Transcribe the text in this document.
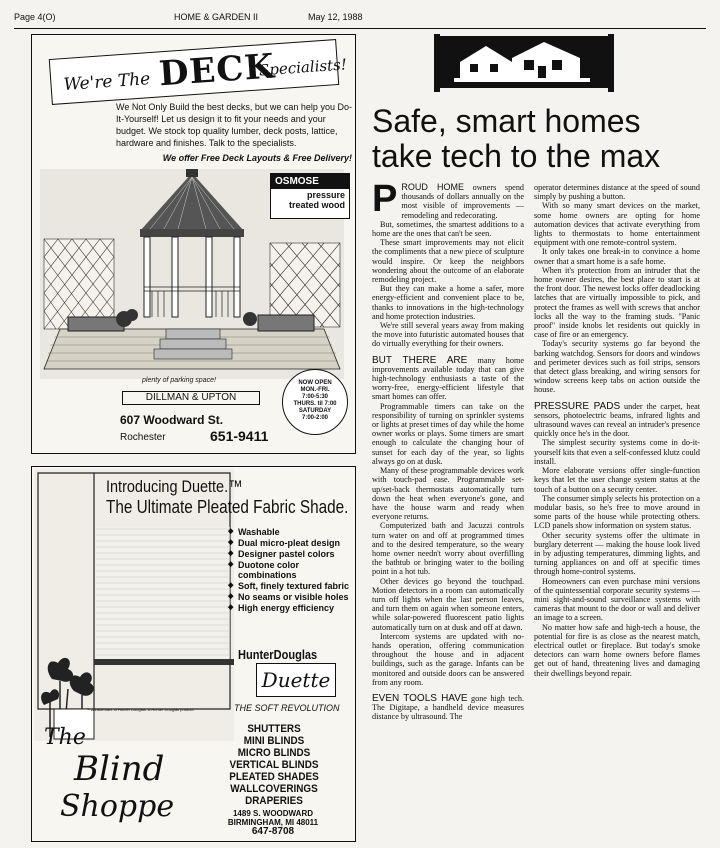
Page 4(O)	HOME & GARDEN II	May 12, 1988
We're The DECK
Specialists!
We Not Only Build the best decks, but we can help you Do-It-Yourself! Let us design it to fit your needs and your budget. We stock top quality lumber, deck posts, lattice, hardware and finishes. Talk to the specialists.
We offer Free Deck Layouts & Free Delivery!
OSMOSE
pressure treated wood
plenty of parking space!
DILLMAN & UPTON
607 Woodward St.
Rochester	651-9411
NOW OPEN
MON.-FRI.
7:00-5:30
THURS. til 7:00
SATURDAY
7:00-2:00
Introducing Duette.™
The Ultimate Pleated Fabric Shade.
◆ Washable
◆ Dual micro-pleat design
◆ Designer pastel colors
◆ Duotone color combinations
◆ Soft, finely textured fabric
◆ No seams or visible holes
◆ High energy efficiency
HunterDouglas
Duette
THE SOFT REVOLUTION
™ A trademark of Hunter Douglas. A Hunter Douglas product
The
Blind
Shoppe
SHUTTERS
MINI BLINDS
MICRO BLINDS
VERTICAL BLINDS
PLEATED SHADES
WALLCOVERINGS
DRAPERIES
1489 S. WOODWARD
BIRMINGHAM, MI 48011
647-8708
Safe, smart homes
take tech to the max

PROUD HOME owners spend thousands of dollars annually on the most visible of improvements — remodeling and redecorating.

But, sometimes, the smartest additions to a home are the ones that can't be seen.

These smart improvements may not elicit the compliments that a new piece of sculpture would inspire. Or keep the neighbors wondering about the outcome of an elaborate remodeling project.

But they can make a home a safer, more energy-efficient and convenient place to be, thanks to innovations in the high-technology and home protection industries.

We're still several years away from making the move into futuristic automated houses that do virtually everything for their owners.

BUT THERE ARE many home improvements available today that can give high-technology enthusiasts a taste of the worry-free, energy-efficient lifestyle that smart homes can offer.

Programmable timers can take on the responsibility of turning on sprinkler systems or lights at preset times of day while the home owner works or plays. Some timers are smart enough to calculate the changing hour of sunset for each day of the year, so lights always go on at dusk.

Many of these programmable devices work with touch-pad ease. Programmable set-up/set-back thermostats automatically turn down the heat when everyone's gone, and have the house warm and ready when everyone returns.

Computerized bath and Jacuzzi controls turn water on and off at programmed times and to the desired temperature, so the weary home owner needn't worry about overfilling the bathtub or bringing water to the boiling point in a hot tub.

Other devices go beyond the touchpad. Motion detectors in a room can automatically turn off lights when the last person leaves, and turn them on again when someone enters, while solar-powered fluorescent patio lights automatically turn on at dusk and off at dawn.

Intercom systems are updated with no-hands operation, offering communication throughout the house and in adjacent buildings, such as the garage. Infants can be monitored and outside doors can be answered from any room.

EVEN TOOLS HAVE gone high tech. The Digitape, a handheld device measures distance by ultrasound. The

operator determines distance at the speed of sound simply by pushing a button.

With so many smart devices on the market, some home owners are opting for home automation devices that activate everything from lights to thermostats to home entertainment equipment with one remote-control system.

It only takes one break-in to convince a home owner that a smart home is a safe home.

When it's protection from an intruder that the home owner desires, the best place to start is at the front door. The newest locks offer deadlocking latches that are virtually impossible to pick, and protect the frames as well with screws that anchor locks all the way to the framing studs. "Panic proof" inside knobs let residents out quickly in case of fire or an emergency.

Today's security systems go far beyond the barking watchdog. Sensors for doors and windows and perimeter devices such as foil strips, sensors that detect glass breaking, and wiring sensors for window screens keep tabs on action outside the house.

PRESSURE PADS under the carpet, heat sensors, photoelectric beams, infrared lights and ultrasound waves can reveal an intruder's presence quickly once he's in the door.

The simplest security systems come in do-it-yourself kits that even a self-confessed klutz could install.

More elaborate versions offer single-function keys that let the user change system status at the touch of a button on a security center.

The consumer simply selects his protection on a modular basis, so he's free to move around in some parts of the house while protecting others. LCD panels show information on system status.

Other security systems offer the ultimate in burglary deterrent — making the house look lived in by adjusting temperatures, dimming lights, and turning appliances on and off at specific times through home-control systems.

Homeowners can even purchase mini versions of the quintessential corporate security systems — mini sight-and-sound surveillance systems with cameras that mount to the door or wall and deliver an image to a screen.

No matter how safe and high-tech a house, the potential for fire is as close as the nearest match, electrical outlet or fireplace. But today's smoke detectors can warn home owners before flames get out of hand, threatening lives and damaging their dwellings beyond repair.
